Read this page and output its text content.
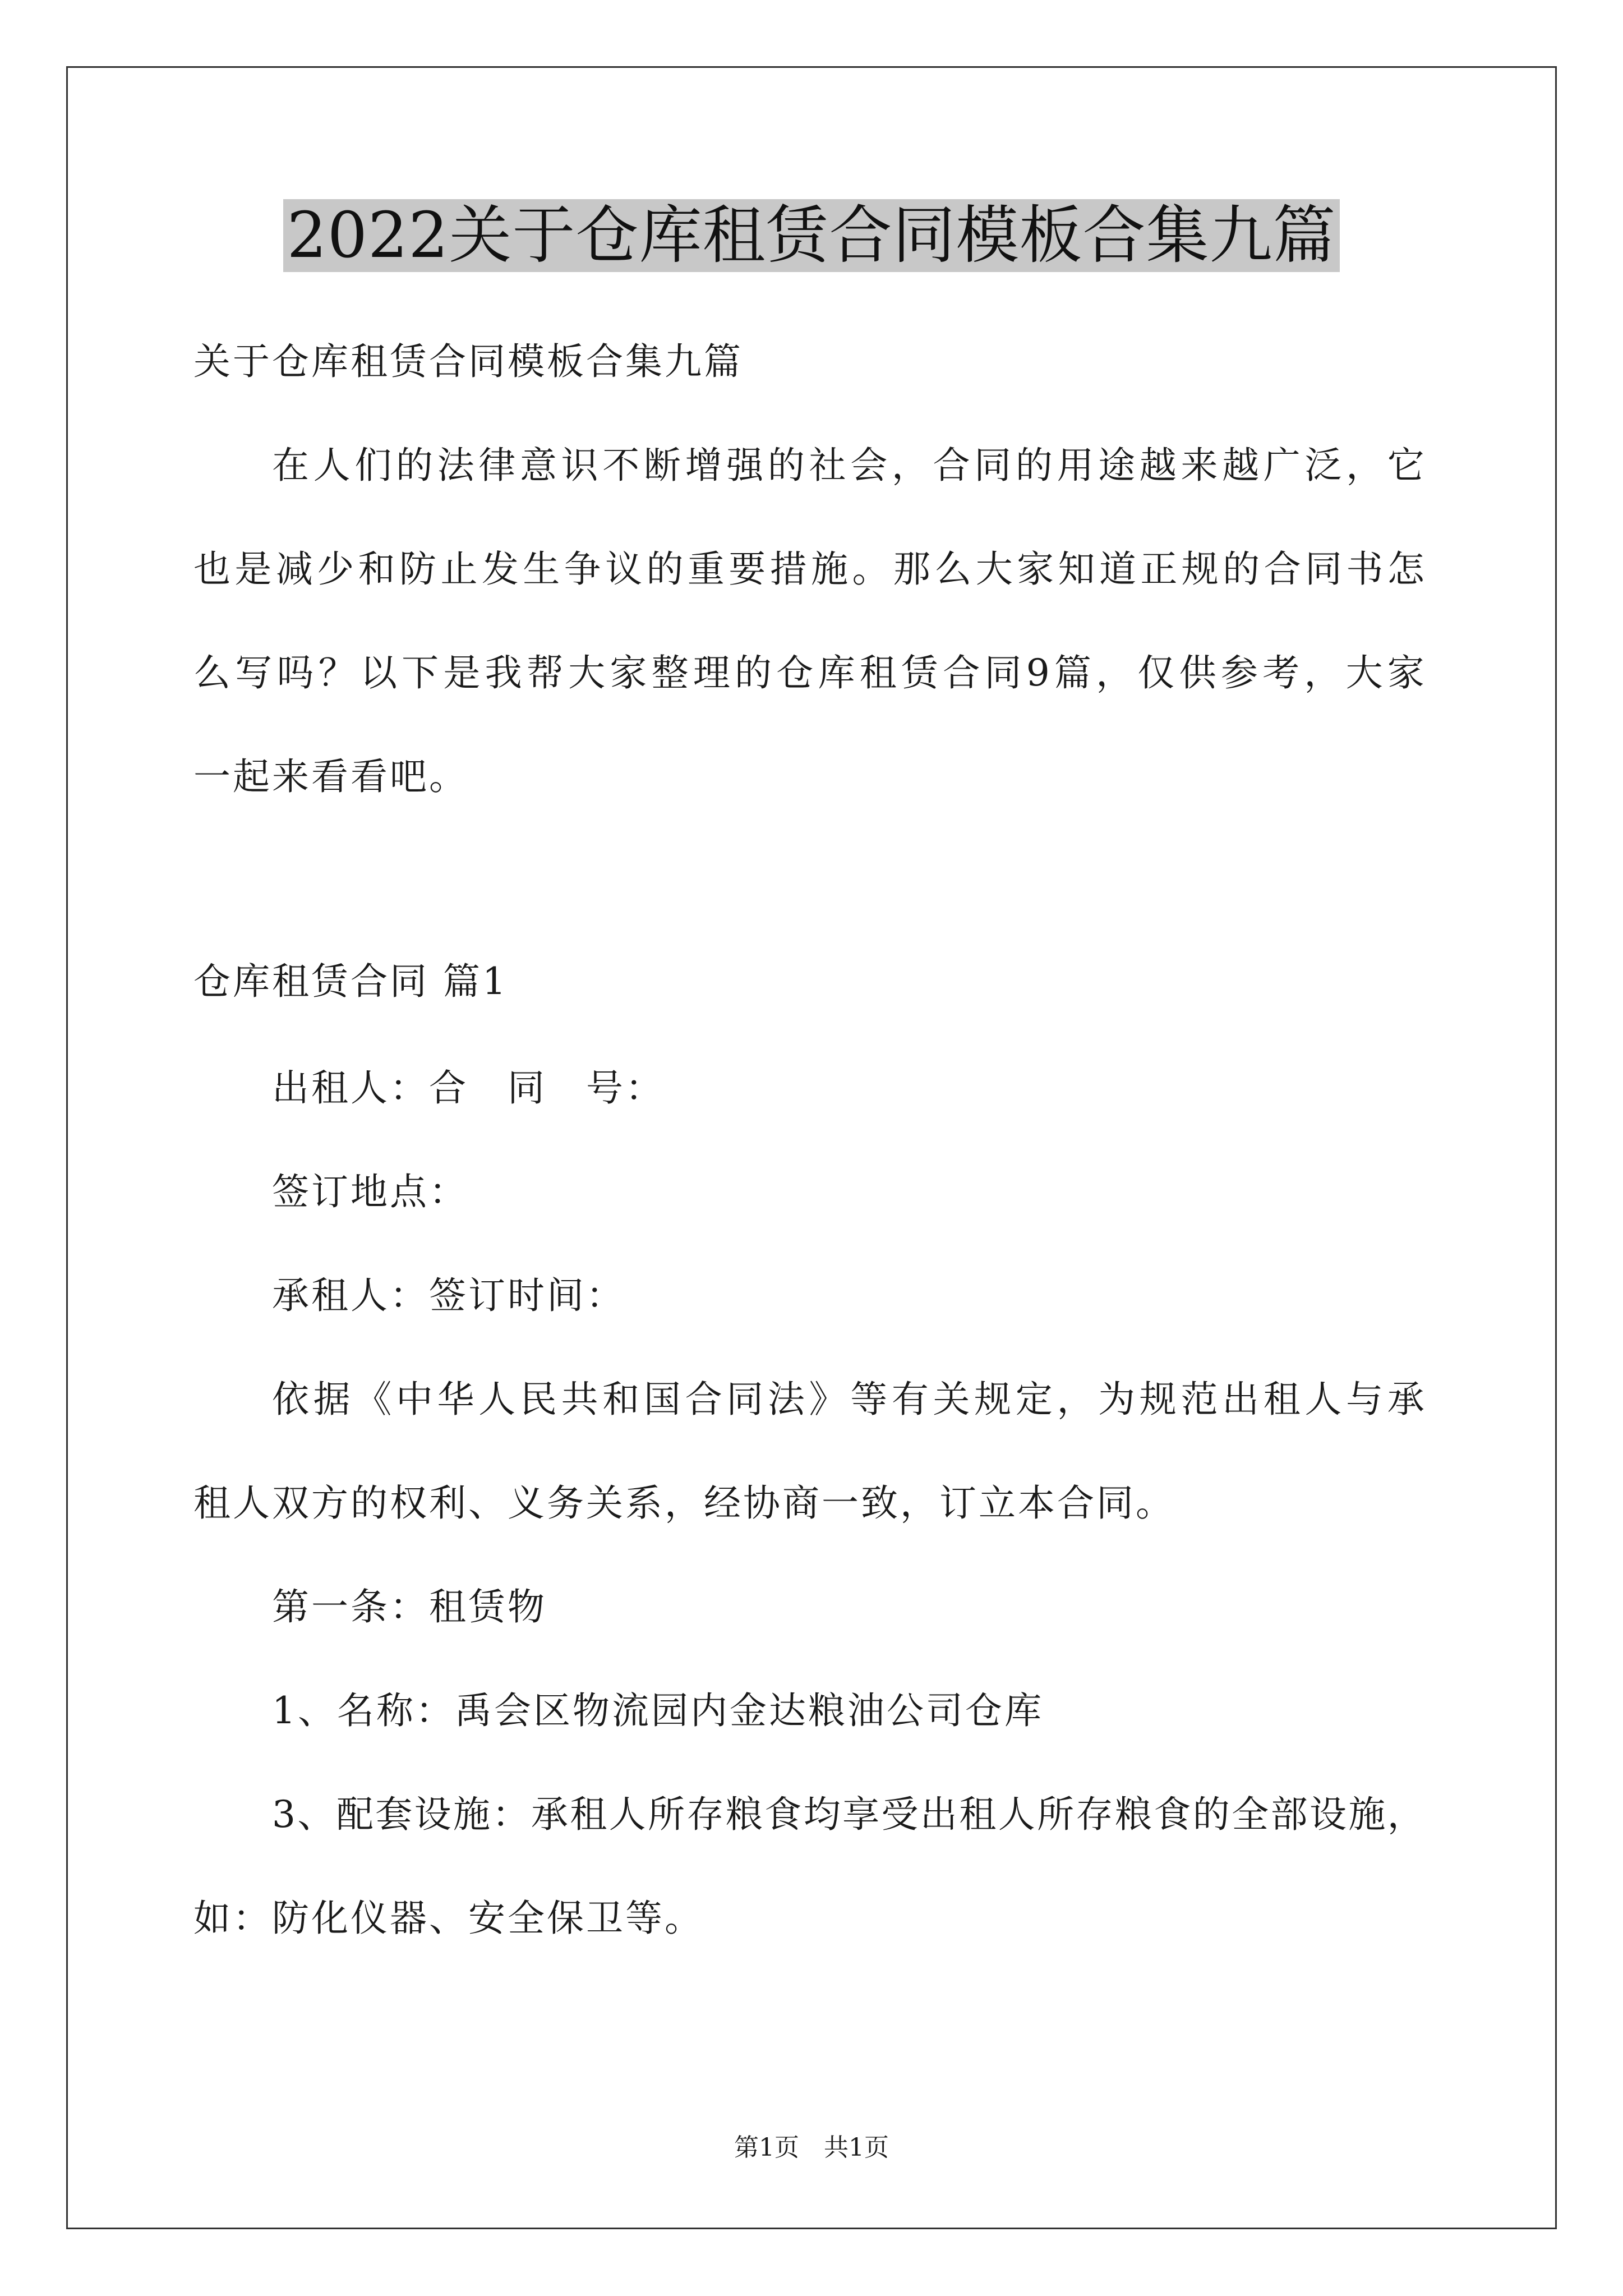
2022关于仓库租赁合同模板合集九篇
关于仓库租赁合同模板合集九篇
在 人 们 的 法 律 意 识 不 断 增 强 的 社 会 ， 合 同 的 用 途 越 来 越 广 泛 ， 它
也 是 减 少 和 防 止 发 生 争 议 的 重 要 措 施 。 那 么 大 家 知 道 正 规 的 合 同 书 怎
么 写 吗 ？ 以 下 是 我 帮 大 家 整 理 的 仓 库 租 赁 合 同 9 篇 ， 仅 供 参 考 ， 大 家
一起来看看吧。
仓库租赁合同 篇1
出租人：合　同　号：
签订地点：
承租人：签订时间：
依 据 《 中 华 人 民 共 和 国 合 同 法 》 等 有 关 规 定 ， 为 规 范 出 租 人 与 承
租人双方的权利、义务关系，经协商一致，订立本合同。
第一条：租赁物
1、名称：禹会区物流园内金达粮油公司仓库
3 、 配 套 设 施 ： 承 租 人 所 存 粮 食 均 享 受 出 租 人 所 存 粮 食 的 全 部 设 施 ，
如：防化仪器、安全保卫等。
第1页　共1页
